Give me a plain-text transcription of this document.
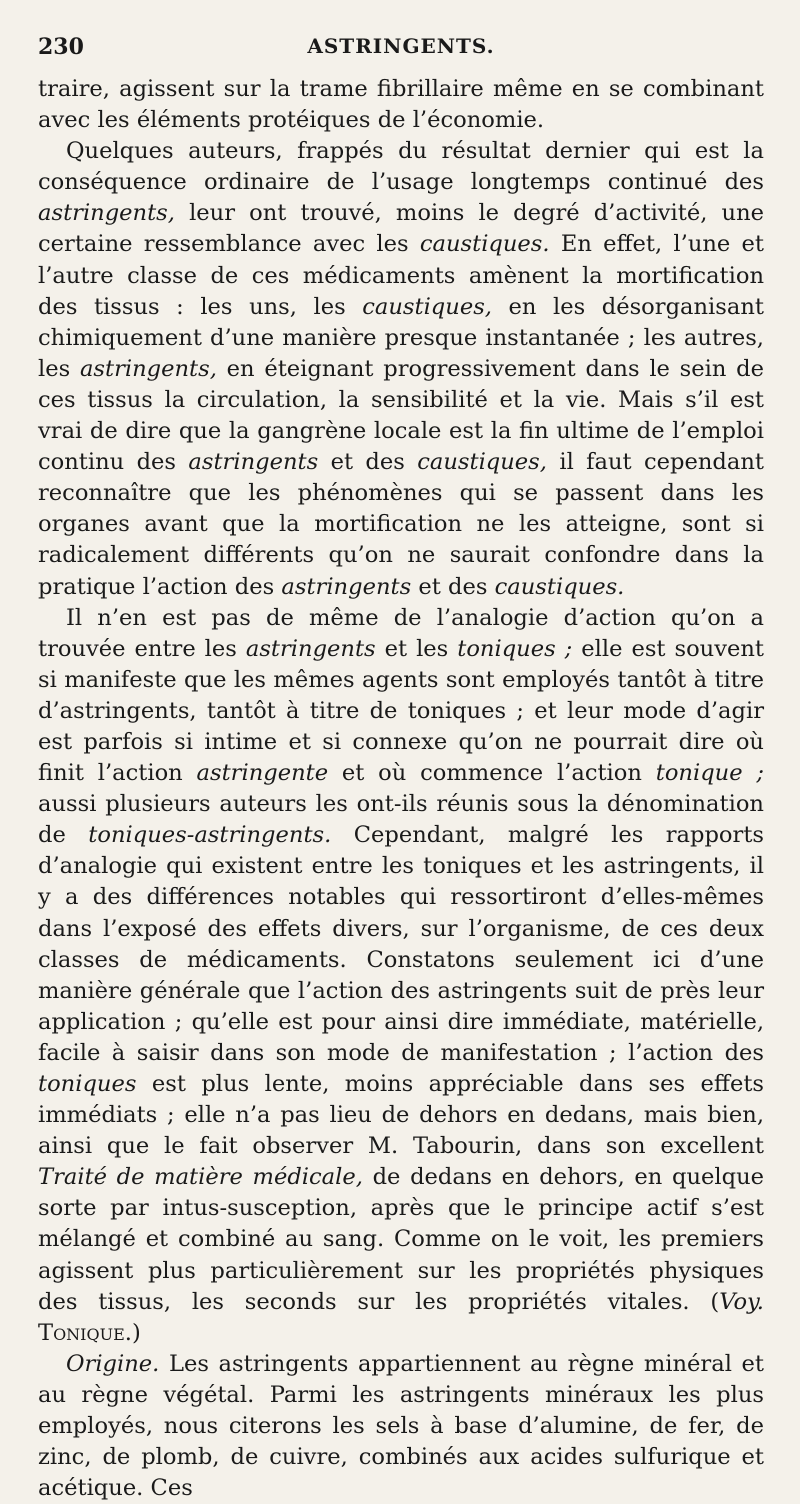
230	ASTRINGENTS.

traire, agissent sur la trame fibrillaire même en se combinant avec les éléments protéiques de l’économie.

Quelques auteurs, frappés du résultat dernier qui est la conséquence ordinaire de l’usage longtemps continué des astringents, leur ont trouvé, moins le degré d’activité, une certaine ressemblance avec les caustiques. En effet, l’une et l’autre classe de ces médicaments amènent la mortification des tissus : les uns, les caustiques, en les désorganisant chimiquement d’une manière presque instantanée ; les autres, les astringents, en éteignant progressivement dans le sein de ces tissus la circulation, la sensibilité et la vie. Mais s’il est vrai de dire que la gangrène locale est la fin ultime de l’emploi continu des astringents et des caustiques, il faut cependant reconnaître que les phénomènes qui se passent dans les organes avant que la mortification ne les atteigne, sont si radicalement différents qu’on ne saurait confondre dans la pratique l’action des astringents et des caustiques.

Il n’en est pas de même de l’analogie d’action qu’on a trouvée entre les astringents et les toniques ; elle est souvent si manifeste que les mêmes agents sont employés tantôt à titre d’astringents, tantôt à titre de toniques ; et leur mode d’agir est parfois si intime et si connexe qu’on ne pourrait dire où finit l’action astringente et où commence l’action tonique ; aussi plusieurs auteurs les ont-ils réunis sous la dénomination de toniques-astringents. Cependant, malgré les rapports d’analogie qui existent entre les toniques et les astringents, il y a des différences notables qui ressortiront d’elles-mêmes dans l’exposé des effets divers, sur l’organisme, de ces deux classes de médicaments. Constatons seulement ici d’une manière générale que l’action des astringents suit de près leur application ; qu’elle est pour ainsi dire immédiate, matérielle, facile à saisir dans son mode de manifestation ; l’action des toniques est plus lente, moins appréciable dans ses effets immédiats ; elle n’a pas lieu de dehors en dedans, mais bien, ainsi que le fait observer M. Tabourin, dans son excellent Traité de matière médicale, de dedans en dehors, en quelque sorte par intus-susception, après que le principe actif s’est mélangé et combiné au sang. Comme on le voit, les premiers agissent plus particulièrement sur les propriétés physiques des tissus, les seconds sur les propriétés vitales. (Voy. Tonique.)

Origine. Les astringents appartiennent au règne minéral et au règne végétal. Parmi les astringents minéraux les plus employés, nous citerons les sels à base d’alumine, de fer, de zinc, de plomb, de cuivre, combinés aux acides sulfurique et acétique. Ces
